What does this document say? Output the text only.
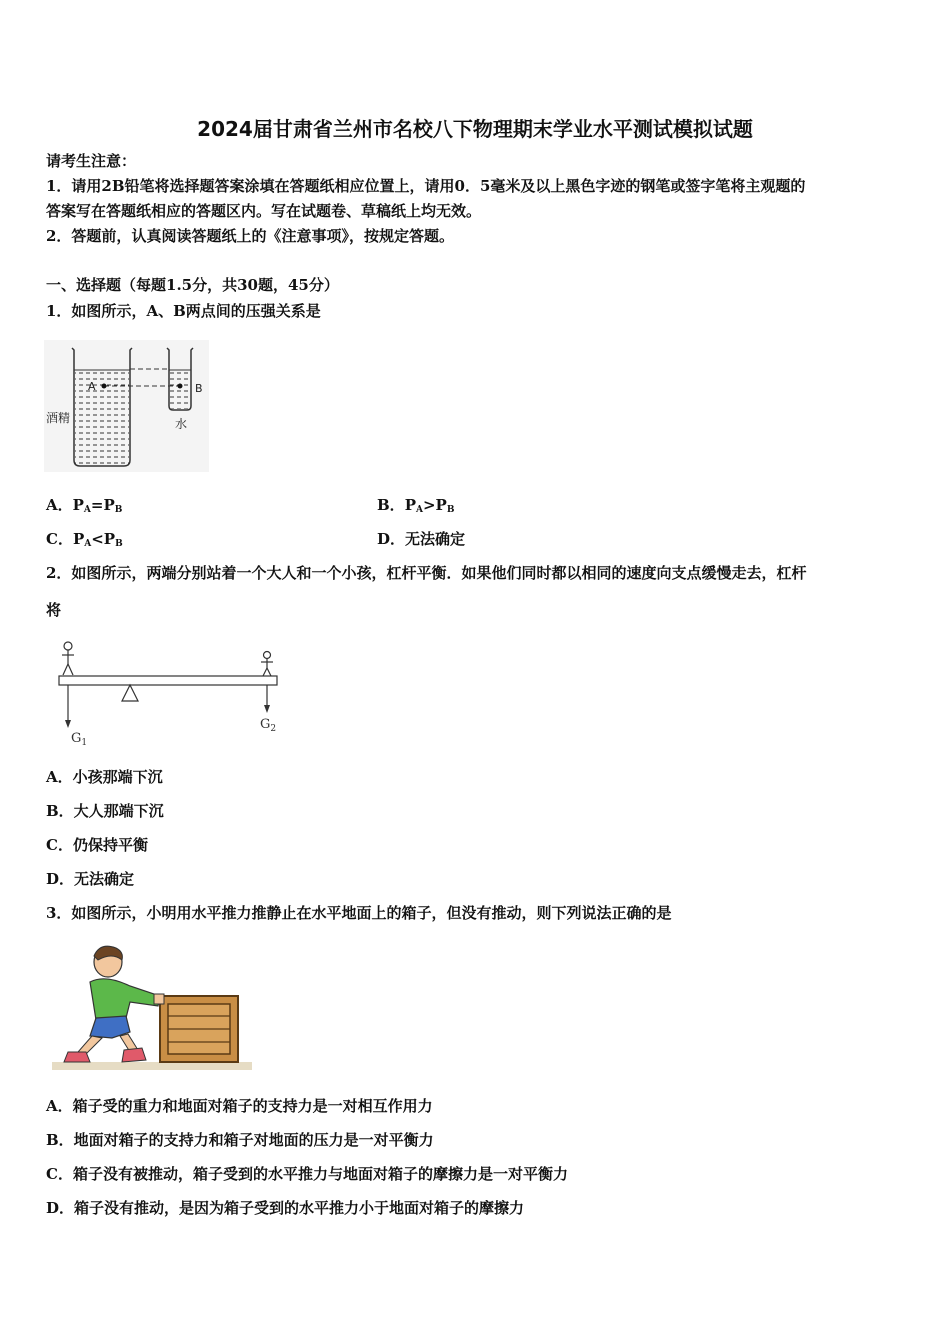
2024届甘肃省兰州市名校八下物理期末学业水平测试模拟试题
请考生注意：
1．请用2B铅笔将选择题答案涂填在答题纸相应位置上，请用0．5毫米及以上黑色字迹的钢笔或签字笔将主观题的
答案写在答题纸相应的答题区内。写在试题卷、草稿纸上均无效。
2．答题前，认真阅读答题纸上的《注意事项》，按规定答题。
一、选择题（每题1.5分，共30题，45分）
1．如图所示，A、B两点间的压强关系是
A	B
酒精	水
A．$P_A=P_B$	B．$P_A>P_B$
C．$P_A<P_B$	D．无法确定
2．如图所示，两端分别站着一个大人和一个小孩，杠杆平衡．如果他们同时都以相同的速度向支点缓慢走去，杠杆
将
$G_1$
$G_2$
A．小孩那端下沉
B．大人那端下沉
C．仍保持平衡
D．无法确定
3．如图所示，小明用水平推力推静止在水平地面上的箱子，但没有推动，则下列说法正确的是
A．箱子受的重力和地面对箱子的支持力是一对相互作用力
B．地面对箱子的支持力和箱子对地面的压力是一对平衡力
C．箱子没有被推动，箱子受到的水平推力与地面对箱子的摩擦力是一对平衡力
D．箱子没有推动，是因为箱子受到的水平推力小于地面对箱子的摩擦力
